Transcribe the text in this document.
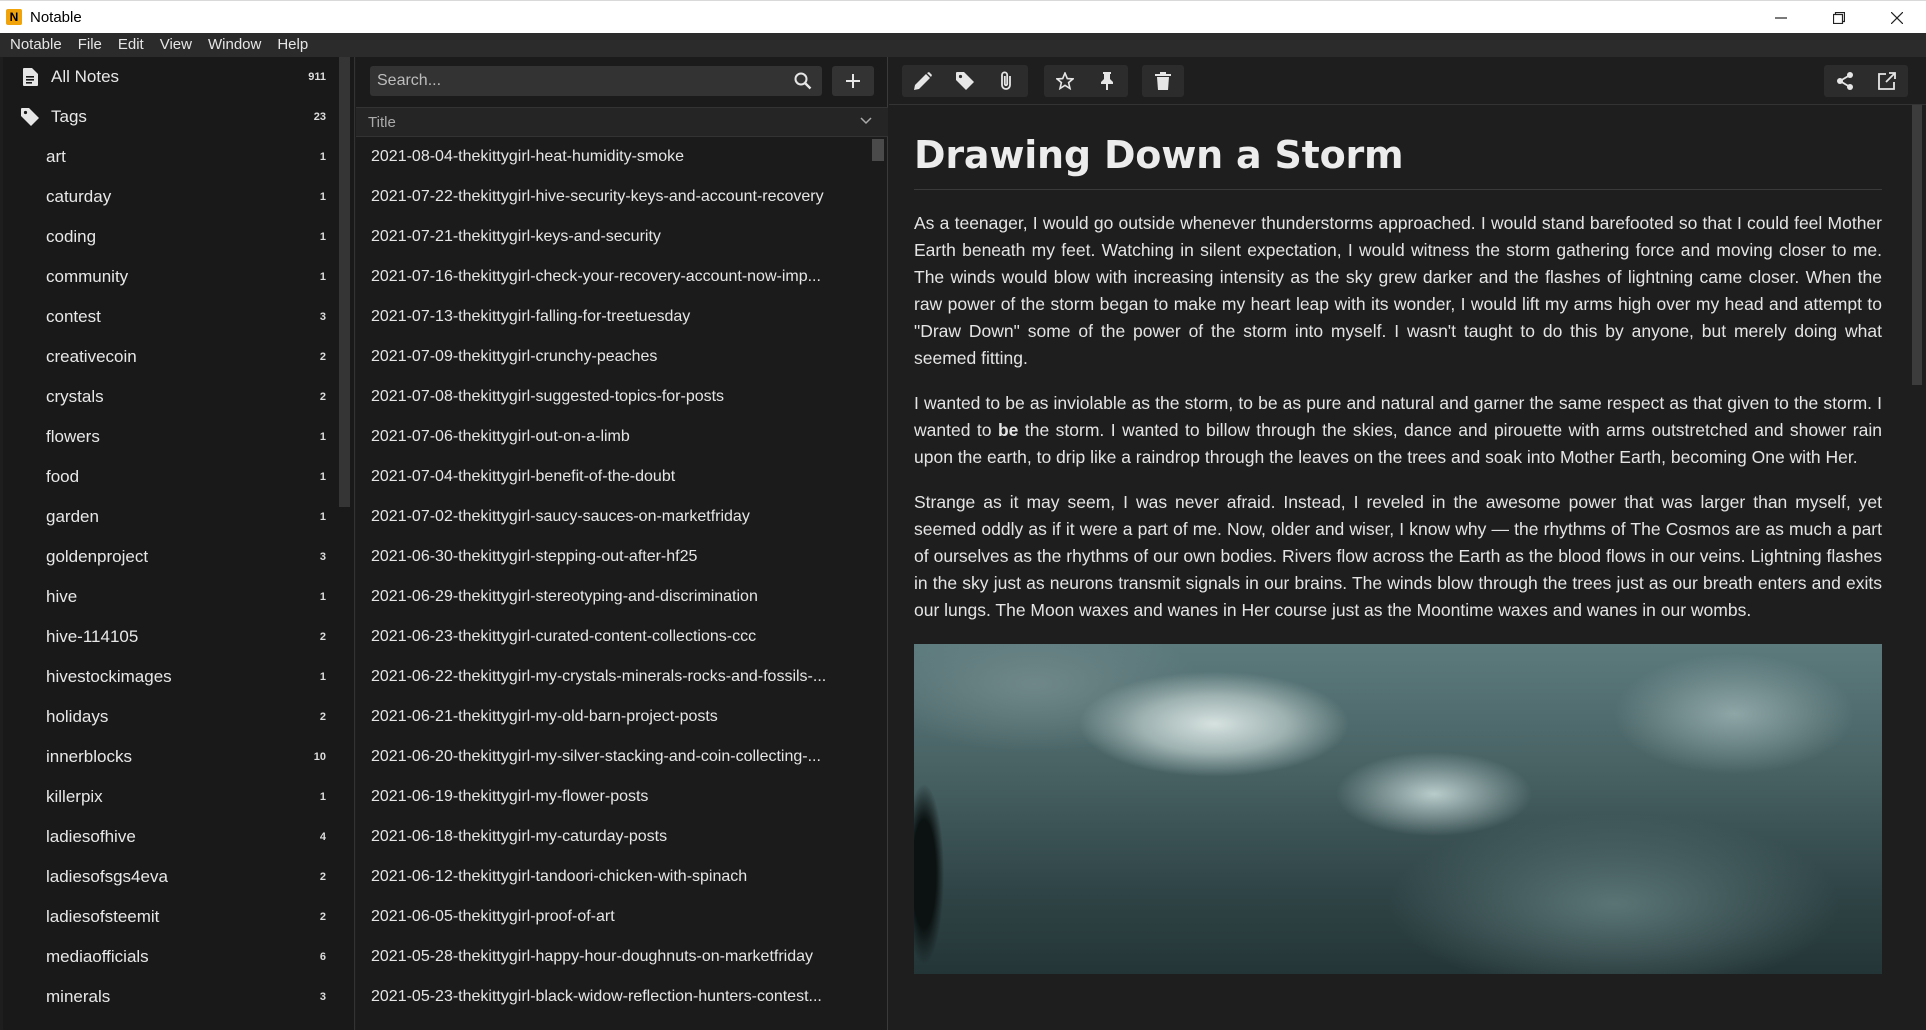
N Notable
Notable	File	Edit	View	Window	Help
All Notes	911
Tags	23
art	1
caturday	1
coding	1
community	1
contest	3
creativecoin	2
crystals	2
flowers	1
food	1
garden	1
goldenproject	3
hive	1
hive-114105	2
hivestockimages	1
holidays	2
innerblocks	10
killerpix	1
ladiesofhive	4
ladiesofsgs4eva	2
ladiesofsteemit	2
mediaofficials	6
minerals	3
Search...
Title
2021-08-04-thekittygirl-heat-humidity-smoke
2021-07-22-thekittygirl-hive-security-keys-and-account-recovery
2021-07-21-thekittygirl-keys-and-security
2021-07-16-thekittygirl-check-your-recovery-account-now-imp...
2021-07-13-thekittygirl-falling-for-treetuesday
2021-07-09-thekittygirl-crunchy-peaches
2021-07-08-thekittygirl-suggested-topics-for-posts
2021-07-06-thekittygirl-out-on-a-limb
2021-07-04-thekittygirl-benefit-of-the-doubt
2021-07-02-thekittygirl-saucy-sauces-on-marketfriday
2021-06-30-thekittygirl-stepping-out-after-hf25
2021-06-29-thekittygirl-stereotyping-and-discrimination
2021-06-23-thekittygirl-curated-content-collections-ccc
2021-06-22-thekittygirl-my-crystals-minerals-rocks-and-fossils-...
2021-06-21-thekittygirl-my-old-barn-project-posts
2021-06-20-thekittygirl-my-silver-stacking-and-coin-collecting-...
2021-06-19-thekittygirl-my-flower-posts
2021-06-18-thekittygirl-my-caturday-posts
2021-06-12-thekittygirl-tandoori-chicken-with-spinach
2021-06-05-thekittygirl-proof-of-art
2021-05-28-thekittygirl-happy-hour-doughnuts-on-marketfriday
2021-05-23-thekittygirl-black-widow-reflection-hunters-contest...
Drawing Down a Storm

As a teenager, I would go outside whenever thunderstorms approached. I would stand barefooted so that I could feel Mother Earth beneath my feet. Watching in silent expectation, I would witness the storm gathering force and moving closer to me. The winds would blow with increasing intensity as the sky grew darker and the flashes of lightning came closer. When the raw power of the storm began to make my heart leap with its wonder, I would lift my arms high over my head and attempt to "Draw Down" some of the power of the storm into myself. I wasn't taught to do this by anyone, but merely doing what seemed fitting.

I wanted to be as inviolable as the storm, to be as pure and natural and garner the same respect as that given to the storm. I wanted to be the storm. I wanted to billow through the skies, dance and pirouette with arms outstretched and shower rain upon the earth, to drip like a raindrop through the leaves on the trees and soak into Mother Earth, becoming One with Her.

Strange as it may seem, I was never afraid. Instead, I reveled in the awesome power that was larger than myself, yet seemed oddly as if it were a part of me. Now, older and wiser, I know why — the rhythms of The Cosmos are as much a part of ourselves as the rhythms of our own bodies. Rivers flow across the Earth as the blood flows in our veins. Lightning flashes in the sky just as neurons transmit signals in our brains. The winds blow through the trees just as our breath enters and exits our lungs. The Moon waxes and wanes in Her course just as the Moontime waxes and wanes in our wombs.
